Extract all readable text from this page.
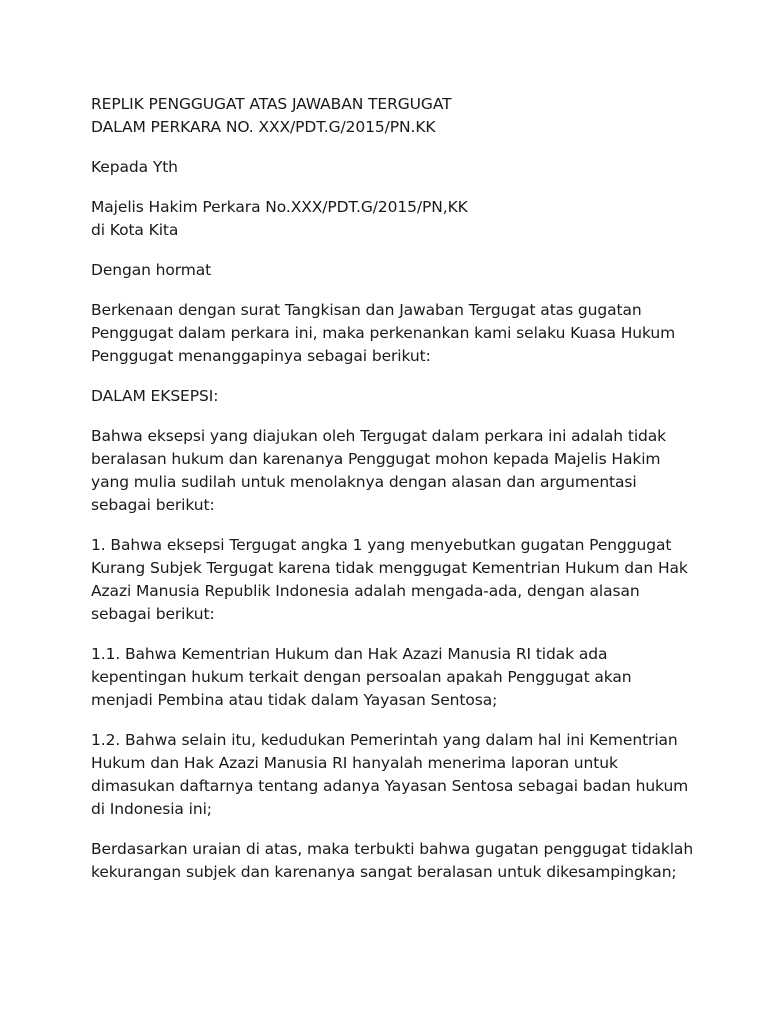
REPLIK PENGGUGAT ATAS JAWABAN TERGUGAT
DALAM PERKARA NO. XXX/PDT.G/2015/PN.KK
Kepada Yth
Majelis Hakim Perkara No.XXX/PDT.G/2015/PN,KK
di Kota Kita
Dengan hormat
Berkenaan dengan surat Tangkisan dan Jawaban Tergugat atas gugatan
Penggugat dalam perkara ini, maka perkenankan kami selaku Kuasa Hukum
Penggugat menanggapinya sebagai berikut:
DALAM EKSEPSI:
Bahwa eksepsi yang diajukan oleh Tergugat dalam perkara ini adalah tidak
beralasan hukum dan karenanya Penggugat mohon kepada Majelis Hakim
yang mulia sudilah untuk menolaknya dengan alasan dan argumentasi
sebagai berikut:
1. Bahwa eksepsi Tergugat angka 1 yang menyebutkan gugatan Penggugat
Kurang Subjek Tergugat karena tidak menggugat Kementrian Hukum dan Hak
Azazi Manusia Republik Indonesia adalah mengada-ada, dengan alasan
sebagai berikut:
1.1. Bahwa Kementrian Hukum dan Hak Azazi Manusia RI tidak ada
kepentingan hukum terkait dengan persoalan apakah Penggugat akan
menjadi Pembina atau tidak dalam Yayasan Sentosa;
1.2. Bahwa selain itu, kedudukan Pemerintah yang dalam hal ini Kementrian
Hukum dan Hak Azazi Manusia RI hanyalah menerima laporan untuk
dimasukan daftarnya tentang adanya Yayasan Sentosa sebagai badan hukum
di Indonesia ini;
Berdasarkan uraian di atas, maka terbukti bahwa gugatan penggugat tidaklah
kekurangan subjek dan karenanya sangat beralasan untuk dikesampingkan;
